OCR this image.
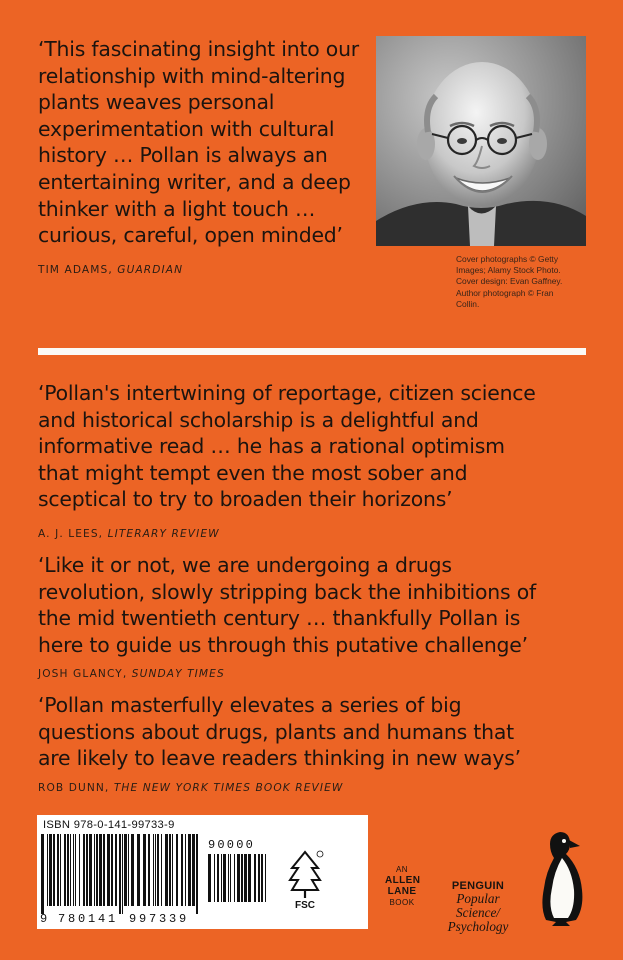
‘This fascinating insight into our
relationship with mind-altering
plants weaves personal
experimentation with cultural
history … Pollan is always an
entertaining writer, and a deep
thinker with a light touch …
curious, careful, open minded’

TIM ADAMS, GUARDIAN
Cover photographs © Getty
Images; Alamy Stock Photo.
Cover design: Evan Gaffney.
Author photograph © Fran
Collin.

‘Pollan's intertwining of reportage, citizen science
and historical scholarship is a delightful and
informative read … he has a rational optimism
that might tempt even the most sober and
sceptical to try to broaden their horizons’

A. J. LEES, LITERARY REVIEW

‘Like it or not, we are undergoing a drugs
revolution, slowly stripping back the inhibitions of
the mid twentieth century … thankfully Pollan is
here to guide us through this putative challenge’

JOSH GLANCY, SUNDAY TIMES

‘Pollan masterfully elevates a series of big
questions about drugs, plants and humans that
are likely to leave readers thinking in new ways’

ROB DUNN, THE NEW YORK TIMES BOOK REVIEW
ISBN 978-0-141-99733-9
9 780141 997339
90000
FSC
AN
ALLEN
LANE
BOOK
PENGUIN
Popular Science/
Psychology
